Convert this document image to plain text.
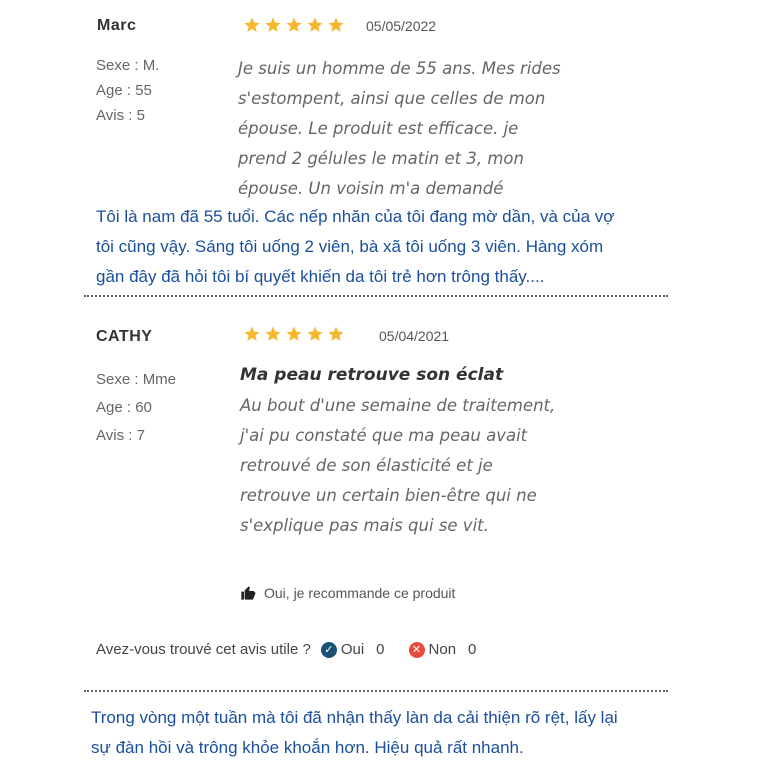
Marc	05/05/2022
Sexe : M.
Age : 55
Avis : 5
Je suis un homme de 55 ans. Mes rides
s'estompent, ainsi que celles de mon
épouse. Le produit est efficace. je
prend 2 gélules le matin et 3, mon
épouse. Un voisin m'a demandé
Tôi là nam đã 55 tuổi. Các nếp nhăn của tôi đang mờ dần, và của vợ
tôi cũng vậy. Sáng tôi uống 2 viên, bà xã tôi uống 3 viên. Hàng xóm
gần đây đã hỏi tôi bí quyết khiến da tôi trẻ hơn trông thấy....
CATHY	05/04/2021
Sexe : Mme
Age : 60
Avis : 7
Ma peau retrouve son éclat
Au bout d'une semaine de traitement,
j'ai pu constaté que ma peau avait
retrouvé de son élasticité et je
retrouve un certain bien-être qui ne
s'explique pas mais qui se vit.
Oui, je recommande ce produit
Avez-vous trouvé cet avis utile ?	✓ Oui 0	✕ Non 0
Trong vòng một tuần mà tôi đã nhận thấy làn da cải thiện rõ rệt, lấy lại
sự đàn hồi và trông khỏe khoắn hơn. Hiệu quả rất nhanh.
